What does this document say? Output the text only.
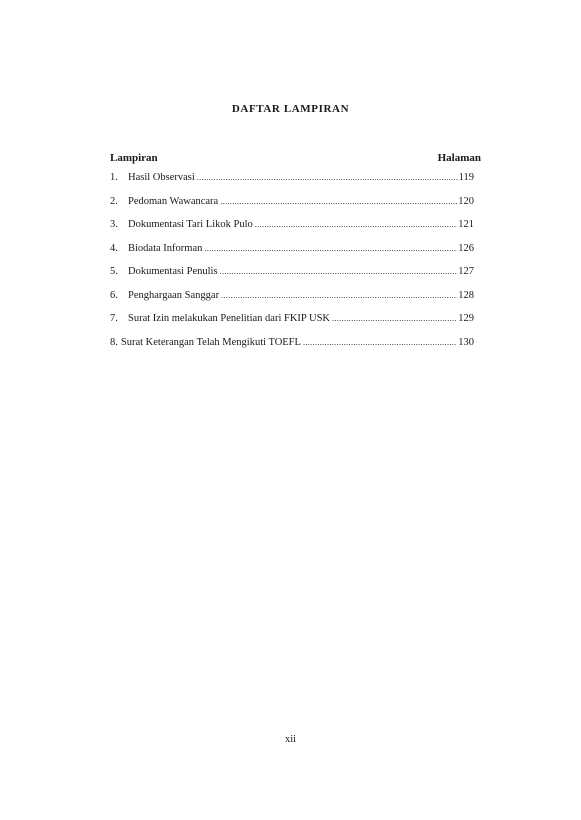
DAFTAR LAMPIRAN
Lampiran	Halaman
1. Hasil Observasi .....	119
2. Pedoman Wawancara .....	120
3. Dokumentasi Tari Likok Pulo .....	121
4. Biodata Informan .....	126
5. Dokumentasi Penulis .....	127
6. Penghargaan Sanggar .....	128
7. Surat Izin melakukan Penelitian dari FKIP USK .....	129
8. Surat Keterangan Telah Mengikuti TOEFL .....	130
xii
